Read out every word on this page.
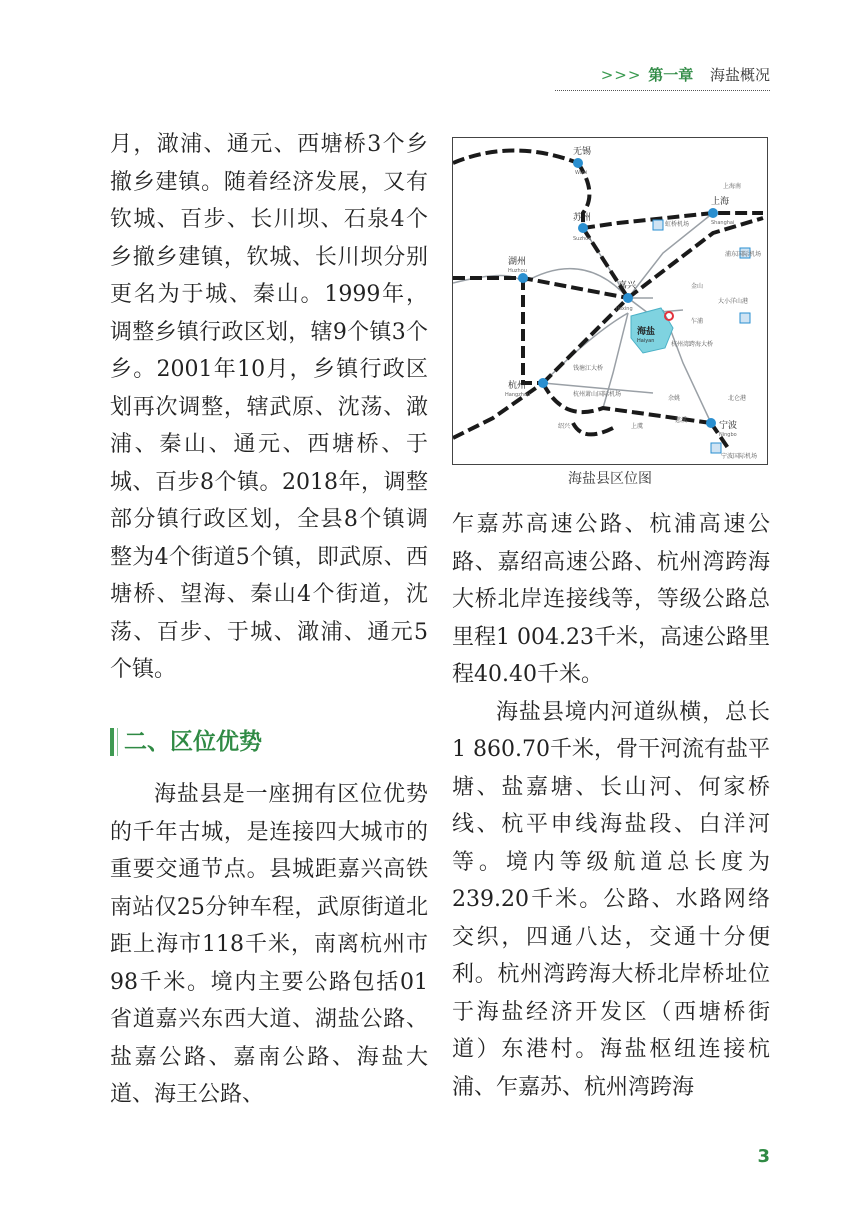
>>> 第一章 海盐概况

月，澉浦、通元、西塘桥3个乡撤乡建镇。随着经济发展，又有钦城、百步、长川坝、石泉4个乡撤乡建镇，钦城、长川坝分别更名为于城、秦山。1999年，调整乡镇行政区划，辖9个镇3个乡。2001年10月，乡镇行政区划再次调整，辖武原、沈荡、澉浦、秦山、通元、西塘桥、于城、百步8个镇。2018年，调整部分镇行政区划，全县8个镇调整为4个街道5个镇，即武原、西塘桥、望海、秦山4个街道，沈荡、百步、于城、澉浦、通元5个镇。

二、区位优势

海盐县是一座拥有区位优势的千年古城，是连接四大城市的重要交通节点。县城距嘉兴高铁南站仅25分钟车程，武原街道北距上海市118千米，南离杭州市98千米。境内主要公路包括01省道嘉兴东西大道、湖盐公路、盐嘉公路、嘉南公路、海盐大道、海王公路、

无锡
Wuxi
苏州
Suzhou
上海
Shanghai
湖州
Huzhou
嘉兴
Jiaxing
海盐
Haiyan
杭州
Hangzhou
宁波
Ningbo
上海南
虹桥机场
浦东国际机场
金山
乍浦
大小洋山港
绍兴
余姚	北仑港
宁波国际机场
杭州湾跨海大桥
杭州萧山国际机场
上虞
慈溪
钱塘江大桥
海盐县区位图

乍嘉苏高速公路、杭浦高速公路、嘉绍高速公路、杭州湾跨海大桥北岸连接线等，等级公路总里程1 004.23千米，高速公路里程40.40千米。

海盐县境内河道纵横，总长1 860.70千米，骨干河流有盐平塘、盐嘉塘、长山河、何家桥线、杭平申线海盐段、白洋河等。境内等级航道总长度为239.20千米。公路、水路网络交织，四通八达，交通十分便利。杭州湾跨海大桥北岸桥址位于海盐经济开发区（西塘桥街道）东港村。海盐枢纽连接杭浦、乍嘉苏、杭州湾跨海

3
